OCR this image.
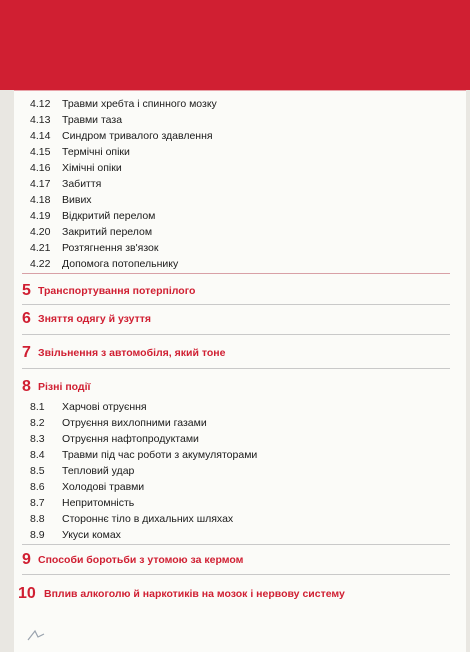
4.12 Травми хребта і спинного мозку
4.13 Травми таза
4.14 Синдром тривалого здавлення
4.15 Термічні опіки
4.16 Хімічні опіки
4.17 Забиття
4.18 Вивих
4.19 Відкритий перелом
4.20 Закритий перелом
4.21 Розтягнення зв'язок
4.22 Допомога потопельнику
5 Транспортування потерпілого
6 Зняття одягу й узуття
7 Звільнення з автомобіля, який тоне
8 Різні події
8.1 Харчові отруєння
8.2 Отруєння вихлопними газами
8.3 Отруєння нафтопродуктами
8.4 Травми під час роботи з акумуляторами
8.5 Тепловий удар
8.6 Холодові травми
8.7 Непритомність
8.8 Стороннє тіло в дихальних шляхах
8.9 Укуси комах
9 Способи боротьби з утомою за кермом
10 Вплив алкоголю й наркотиків на мозок і нервову систему
